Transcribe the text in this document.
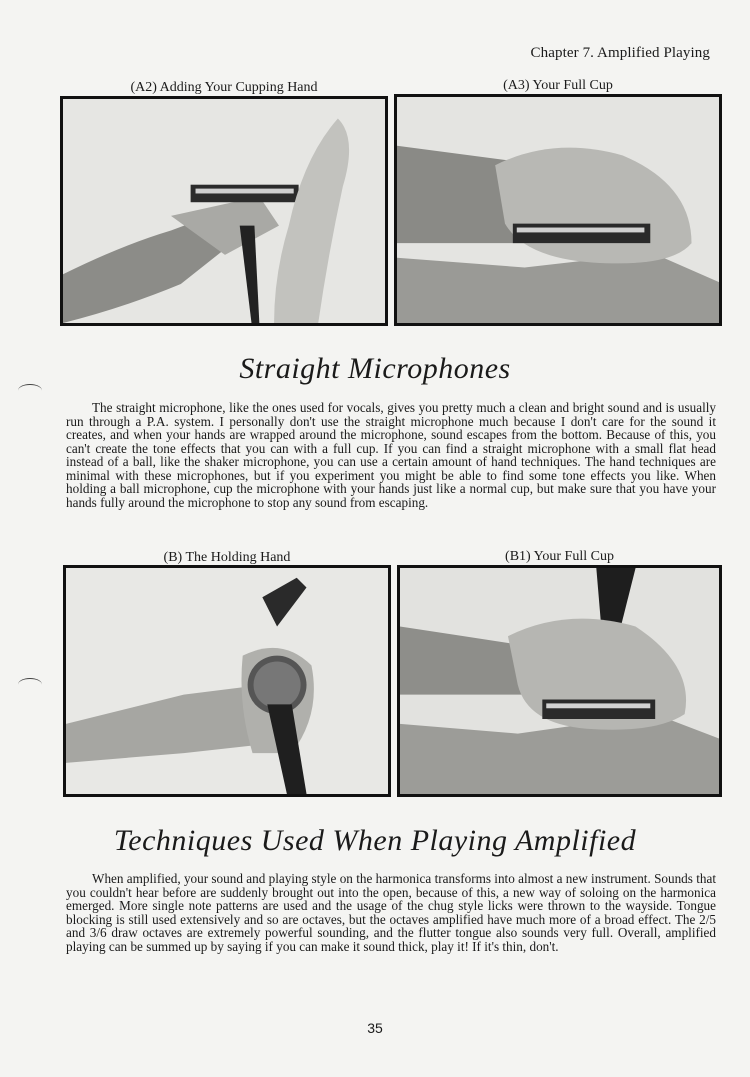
Chapter 7. Amplified Playing
(A2) Adding Your Cupping Hand	(A3) Your Full Cup
Straight Microphones

The straight microphone, like the ones used for vocals, gives you pretty much a clean and bright sound and is usually run through a P.A. system. I personally don't use the straight microphone much because I don't care for the sound it creates, and when your hands are wrapped around the microphone, sound escapes from the bottom. Because of this, you can't create the tone effects that you can with a full cup. If you can find a straight microphone with a small flat head instead of a ball, like the shaker microphone, you can use a certain amount of hand techniques. The hand techniques are minimal with these microphones, but if you experiment you might be able to find some tone effects you like. When holding a ball microphone, cup the microphone with your hands just like a normal cup, but make sure that you have your hands fully around the microphone to stop any sound from escaping.

(B) The Holding Hand	(B1) Your Full Cup
Techniques Used When Playing Amplified

When amplified, your sound and playing style on the harmonica transforms into almost a new instrument. Sounds that you couldn't hear before are suddenly brought out into the open, because of this, a new way of soloing on the harmonica emerged. More single note patterns are used and the usage of the chug style licks were thrown to the wayside. Tongue blocking is still used extensively and so are octaves, but the octaves amplified have much more of a broad effect. The 2/5 and 3/6 draw octaves are extremely powerful sounding, and the flutter tongue also sounds very full. Overall, amplified playing can be summed up by saying if you can make it sound thick, play it! If it's thin, don't.

35
